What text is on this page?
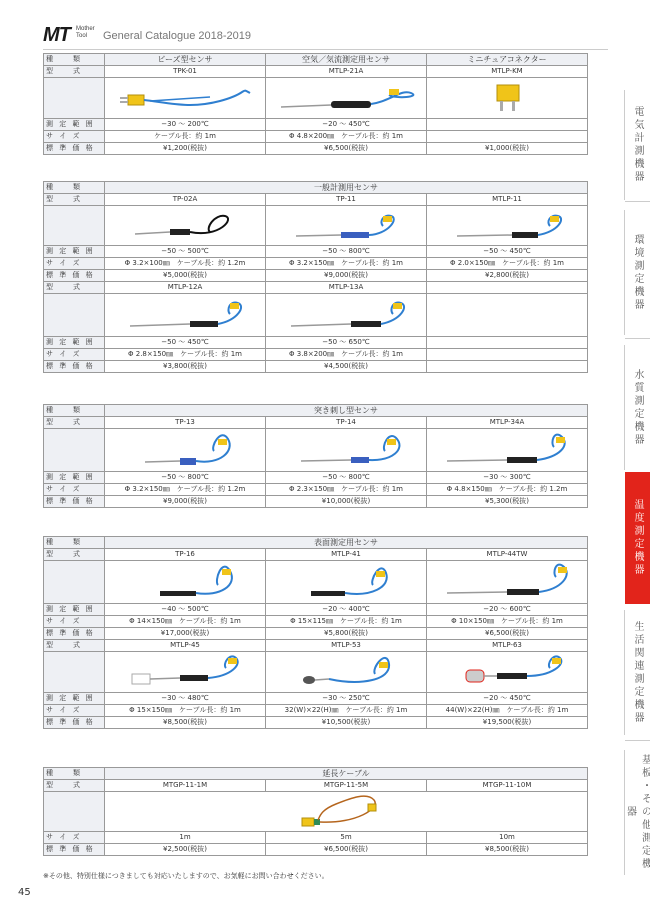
MT Mother
Tool	General Catalogue 2018-2019
電気計測機器
環境測定機器
水質測定機器
温度測定機器
生活関連測定機器
基板・その他測定機器
種　　類	ビーズ型センサ	空気／気流測定用センサ	ミニチュアコネクター
型　　式	TPK-01	MTLP-21A	MTLP-KM

測 定 範 囲	−30 〜 200℃	−20 〜 450℃	
サ イ ズ	ケーブル長：約 1m	Φ 4.8×200㎜　ケーブル長：約 1m	
標 準 価 格	¥1,200(税抜)	¥6,500(税抜)	¥1,000(税抜)
種　　類	一般計測用センサ		
型　　式	TP-02A	TP-11	MTLP-11

測 定 範 囲	−50 〜 500℃	−50 〜 800℃	−50 〜 450℃
サ イ ズ	Φ 3.2×100㎜　ケーブル長：約 1.2m	Φ 3.2×150㎜　ケーブル長：約 1m	Φ 2.0×150㎜　ケーブル長：約 1m
標 準 価 格	¥5,000(税抜)	¥9,000(税抜)	¥2,800(税抜)
型　　式	MTLP-12A	MTLP-13A	

測 定 範 囲	−50 〜 450℃	−50 〜 650℃	
サ イ ズ	Φ 2.8×150㎜　ケーブル長：約 1m	Φ 3.8×200㎜　ケーブル長：約 1m	
標 準 価 格	¥3,800(税抜)	¥4,500(税抜)	
種　　類	突き刺し型センサ		
型　　式	TP-13	TP-14	MTLP-34A

測 定 範 囲	−50 〜 800℃	−50 〜 800℃	−30 〜 300℃
サ イ ズ	Φ 3.2×150㎜　ケーブル長：約 1.2m	Φ 2.3×150㎜　ケーブル長：約 1m	Φ 4.8×150㎜　ケーブル長：約 1.2m
標 準 価 格	¥9,000(税抜)	¥10,000(税抜)	¥5,300(税抜)
種　　類	表面測定用センサ		
型　　式	TP-16	MTLP-41	MTLP-44TW

測 定 範 囲	−40 〜 500℃	−20 〜 400℃	−20 〜 600℃
サ イ ズ	Φ 14×150㎜　ケーブル長：約 1m	Φ 15×115㎜　ケーブル長：約 1m	Φ 10×150㎜　ケーブル長：約 1m
標 準 価 格	¥17,000(税抜)	¥5,800(税抜)	¥6,500(税抜)
型　　式	MTLP-45	MTLP-53	MTLP-63

測 定 範 囲	−30 〜 480℃	−30 〜 250℃	−20 〜 450℃
サ イ ズ	Φ 15×150㎜　ケーブル長：約 1m	32(W)×22(H)㎜　ケーブル長：約 1m	44(W)×22(H)㎜　ケーブル長：約 1m
標 準 価 格	¥8,500(税抜)	¥10,500(税抜)	¥19,500(税抜)
種　　類	延長ケーブル		
型　　式	MTGP-11-1M	MTGP-11-5M	MTGP-11-10M

サ イ ズ	1m	5m	10m
標 準 価 格	¥2,500(税抜)	¥6,500(税抜)	¥8,500(税抜)
※その他、特別仕様につきましても対応いたしますので、お気軽にお問い合わせください。
45
